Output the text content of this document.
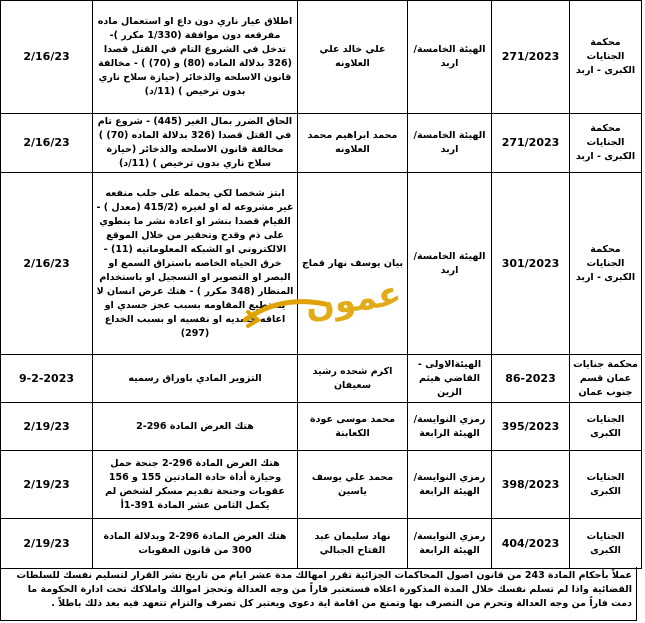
محكمة الجنايات الكبرى - اربد	271/2023	الهيئة الخامسة/ اربد	علي خالد علي العلاونه	اطلاق عيار ناري دون داع او استعمال ماده مفرقعه دون موافقة (1/330 مكرر )- تدخل في الشروع التام في القتل قصدا (326 بدلالة الماده (80) و (70) ) - مخالفة قانون الاسلحه والذخائر (حيازة سلاح ناري بدون ترخيص ) (11/د)	2/16/23
محكمة الجنايات الكبرى - اربد	271/2023	الهيئة الخامسة/ اربد	محمد ابراهيم محمد العلاونه	الحاق الضرر بمال الغير (445) - شروع تام في القتل قصدا (326 بدلالة الماده (70) ) مخالفة قانون الاسلحه والذخائر (حيازة سلاح ناري بدون ترخيص ) (11/د)	2/16/23
محكمة الجنايات الكبرى - اربد	301/2023	الهيئة الخامسة/ اربد	بيان يوسف نهار قماج	ابتز شخصا لكي يحمله على جلب منفعه غير مشروعه له او لغيره (415/2 (معدل ) - القيام قصدا بنشر او اعادة نشر ما ينطوي على ذم وقدح وتحقير من خلال الموقع الالكتروني او الشبكه المعلوماتيه (11) - خرق الحياه الخاصه باستراق السمع او البصر او التصوير او التسجيل او باستخدام المنظار (348 مكرر ) - هتك عرض انسان لا يستطيع المقاومه بسبب عجز جسدي او اعاقه جسديه او نفسيه او بسبب الخداع (297)	2/16/23
محكمة جنايات عمان قسم جنوب عمان	86-2023	الهيئةالاولى - القاضي هيثم الزين	اكرم شحده رشيد سعيفان	التزوير المادي باوراق رسميه	9-2-2023
الجنايات الكبرى	395/2023	رمزي النوايسة/الهيئة الرابعة	محمد موسى عودة الكعابنة	هتك العرض المادة 296-2	2/19/23
الجنايات الكبرى	398/2023	رمزي النوايسة/الهيئة الرابعة	محمد علي يوسف ياسين	هتك العرض المادة 296-2 جنحة حمل وحيازة أداة حادة المادتين 155 و 156 عقوبات وجنحة تقديم مسكر لشخص لم يكمل الثامن عشر المادة 391-1أ	2/19/23
الجنايات الكبرى	404/2023	رمزي النوايسة/الهيئة الرابعة	نهاد سليمان عبد الفتاح الجبالي	هتك العرض المادة 296-2 وبدلالة المادة 300 من قانون العقوبات	2/19/23
عملاً بأحكام المادة 243 من قانون اصول المحاكمات الجزائية تقرر امهالك مدة عشر ايام من تاريخ نشر القرار لتسليم نفسك للسلطات القضائية واذا لم تسلم نفسك خلال المدة المذكورة اعلاه فستعتبر فاراً من وجه العدالة وتحجز اموالك واملاكك تحت ادارة الحكومة ما دمت فاراً من وجه العدالة وتحرم من التصرف بها وتمنع من اقامة اية دعوى ويعتبر كل تصرف والتزام تتعهد فيه بعد ذلك باطلاً .
عمون
